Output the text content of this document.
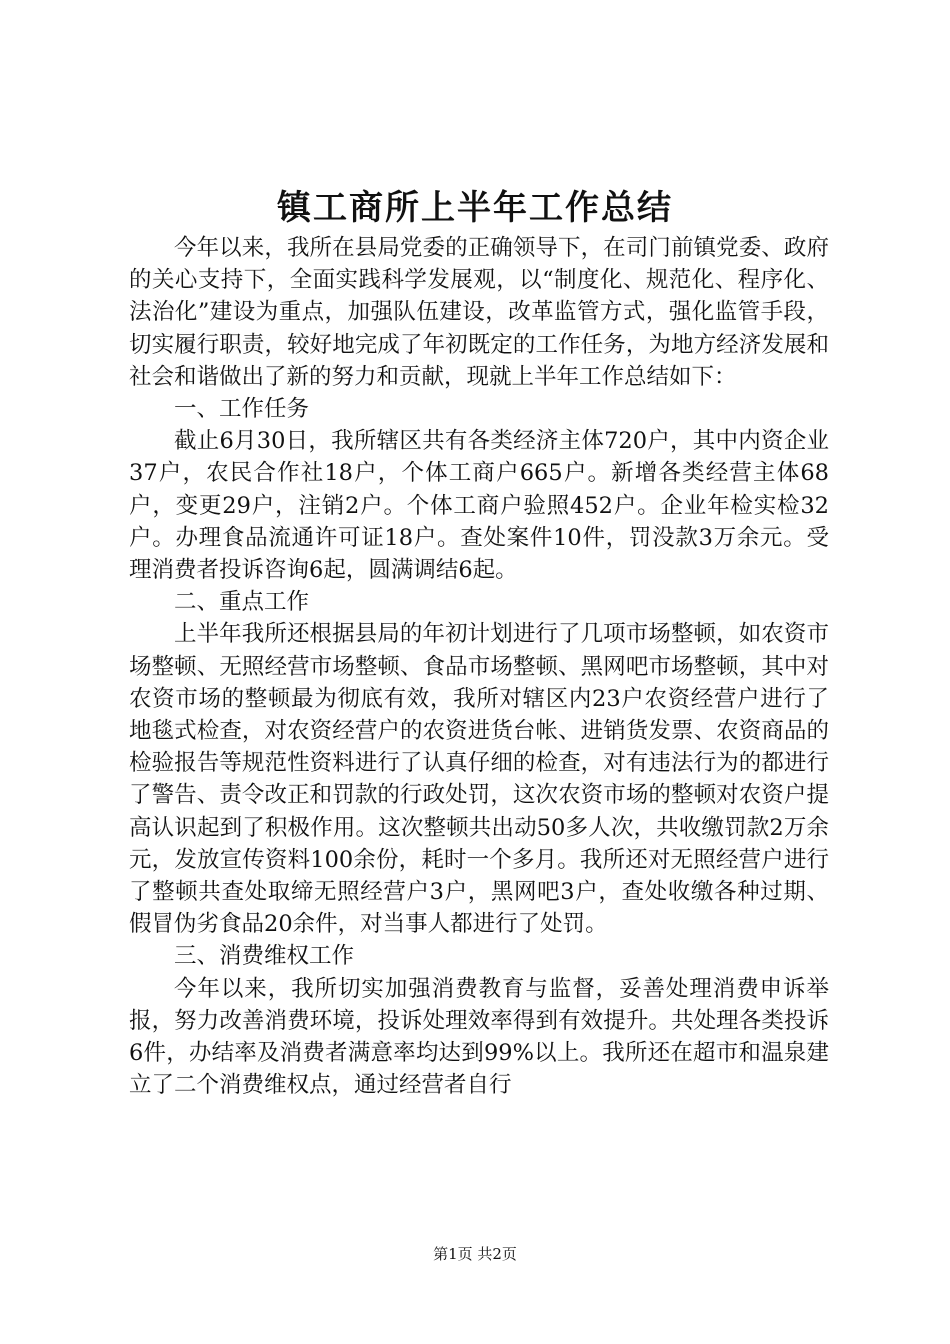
镇工商所上半年工作总结

今年以来，我所在县局党委的正确领导下，在司门前镇党委、政府的关心支持下，全面实践科学发展观，以“制度化、规范化、程序化、法治化”建设为重点，加强队伍建设，改革监管方式，强化监管手段，切实履行职责，较好地完成了年初既定的工作任务，为地方经济发展和社会和谐做出了新的努力和贡献，现就上半年工作总结如下：

一、工作任务

截止6月30日，我所辖区共有各类经济主体720户，其中内资企业37户，农民合作社18户，个体工商户665户。新增各类经营主体68户，变更29户，注销2户。个体工商户验照452户。企业年检实检32户。办理食品流通许可证18户。查处案件10件，罚没款3万余元。受理消费者投诉咨询6起，圆满调结6起。

二、重点工作

上半年我所还根据县局的年初计划进行了几项市场整顿，如农资市场整顿、无照经营市场整顿、食品市场整顿、黑网吧市场整顿，其中对农资市场的整顿最为彻底有效，我所对辖区内23户农资经营户进行了地毯式检查，对农资经营户的农资进货台帐、进销货发票、农资商品的检验报告等规范性资料进行了认真仔细的检查，对有违法行为的都进行了警告、责令改正和罚款的行政处罚，这次农资市场的整顿对农资户提高认识起到了积极作用。这次整顿共出动50多人次，共收缴罚款2万余元，发放宣传资料100余份，耗时一个多月。我所还对无照经营户进行了整顿共查处取缔无照经营户3户，黑网吧3户，查处收缴各种过期、假冒伪劣食品20余件，对当事人都进行了处罚。

三、消费维权工作

今年以来，我所切实加强消费教育与监督，妥善处理消费申诉举报，努力改善消费环境，投诉处理效率得到有效提升。共处理各类投诉6件，办结率及消费者满意率均达到99%以上。我所还在超市和温泉建立了二个消费维权点，通过经营者自行

第1页 共2页
